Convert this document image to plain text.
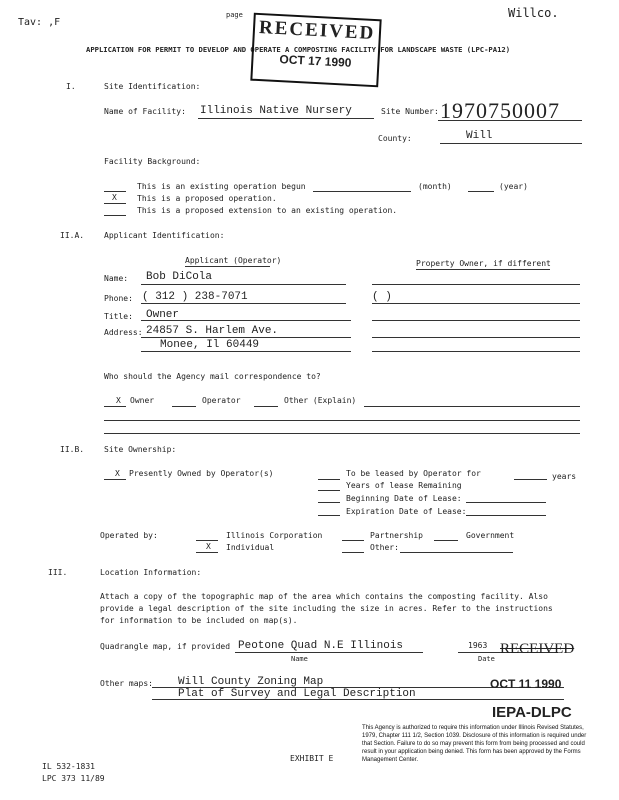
Tav: ,F
page	Willco.
APPLICATION FOR PERMIT TO DEVELOP AND OPERATE A COMPOSTING FACILITY FOR LANDSCAPE WASTE (LPC-PA12)
RECEIVED
OCT 17 1990
I.	Site Identification:
Name of Facility: Illinois Native Nursery	Site Number: 1970750007
County:	Will
Facility Background:
This is an existing operation begun	(month)	(year)
X	This is a proposed operation.
This is a proposed extension to an existing operation.
II.A. Applicant Identification:
Applicant (Operator)	Property Owner, if different
Name: Bob DiCola
Phone: ( 312 ) 238-7071	( )
Title: Owner
Address: 24857 S. Harlem Ave.
Monee, Il 60449
Who should the Agency mail correspondence to?
X Owner	Operator	Other (Explain)
II.B. Site Ownership:
X Presently Owned by Operator(s)	To be leased by Operator for	years
Years of lease Remaining
Beginning Date of Lease:
Expiration Date of Lease:
Operated by:	Illinois Corporation	Partnership	Government
X Individual	Other:
III.	Location Information:
Attach a copy of the topographic map of the area which contains the composting facility. Also
provide a legal description of the site including the size in acres. Refer to the instructions
for information to be included on map(s).
Quadrangle map, if provided Peotone Quad N.E Illinois	1963
Name	Date
Other maps: Will County Zoning Map
Plat of Survey and Legal Description
RECEIVED
OCT 11 1990
IEPA-DLPC
IL 532-1831
LPC 373 11/89
EXHIBIT E
This Agency is authorized to require this information under Illinois Revised Statutes, 1979, Chapter 111 1/2, Section 1039. Disclosure of this information is required under that Section. Failure to do so may prevent this form from being processed and could result in your application being denied. This form has been approved by the Forms Management Center.
